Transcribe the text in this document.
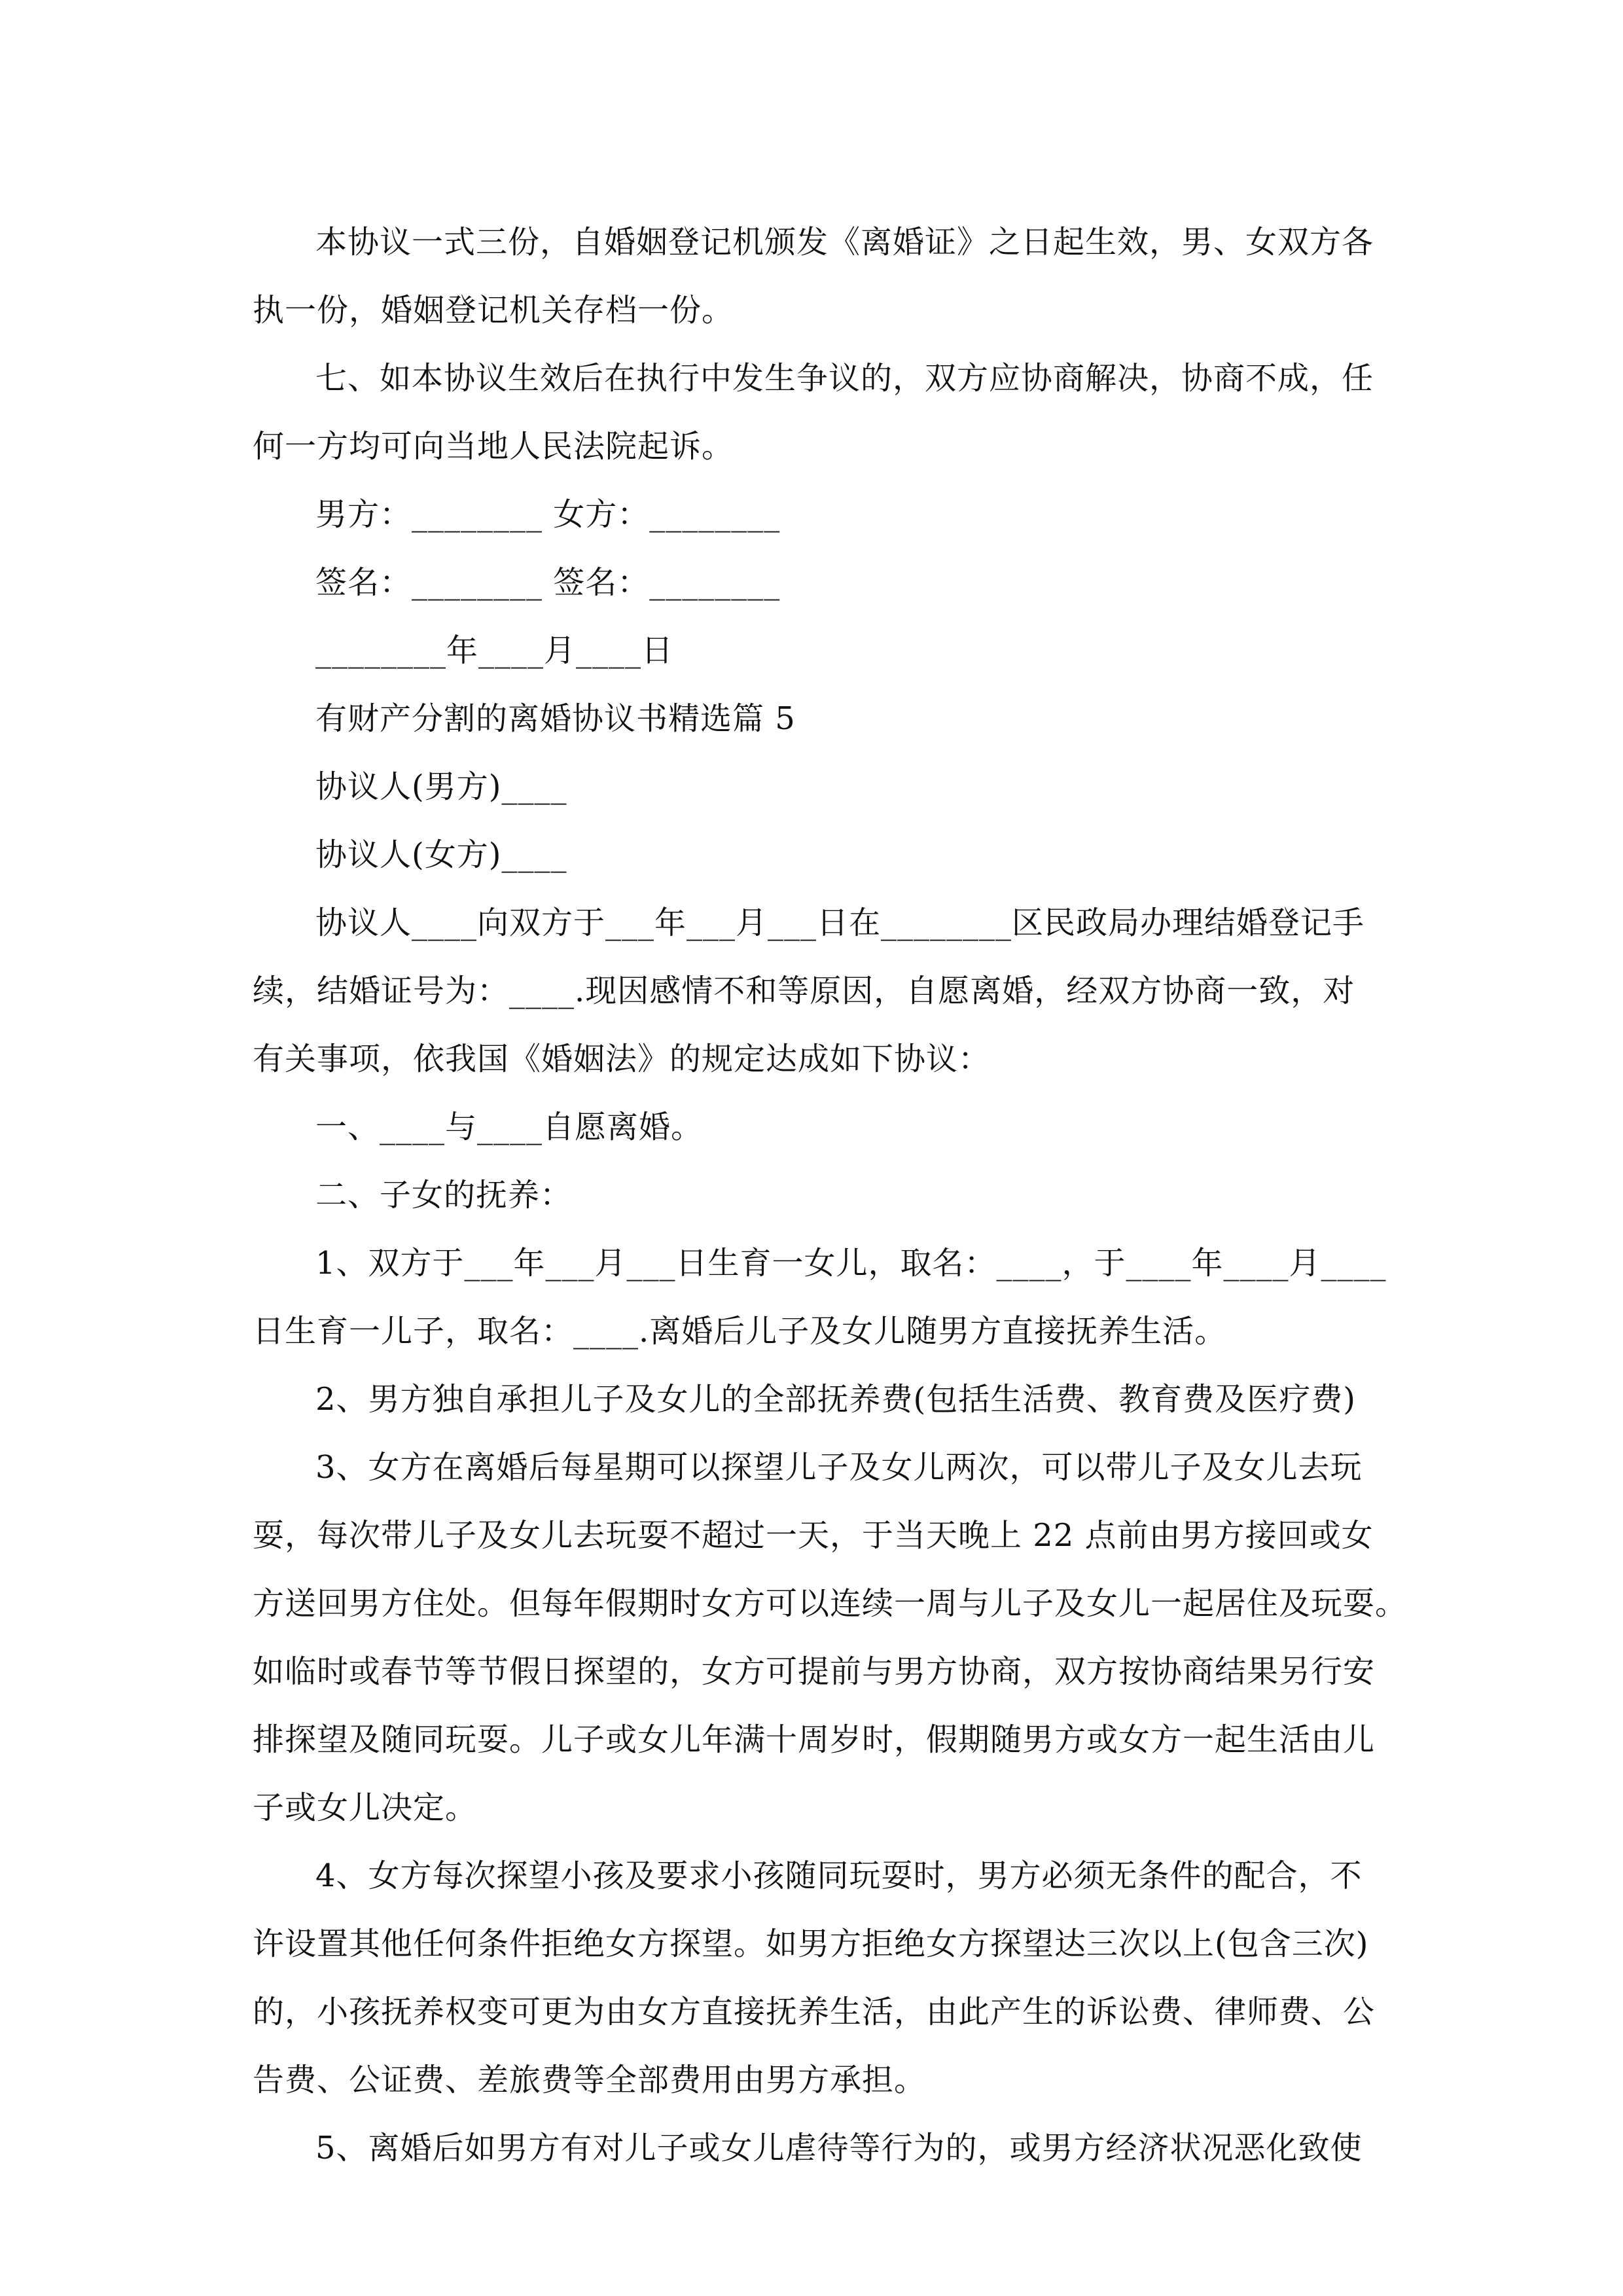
本协议一式三份，自婚姻登记机颁发《离婚证》之日起生效，男、女双方各
执一份，婚姻登记机关存档一份。
七、如本协议生效后在执行中发生争议的，双方应协商解决，协商不成，任
何一方均可向当地人民法院起诉。
男方：________ 女方：________
签名：________ 签名：________
________年____月____日
有财产分割的离婚协议书精选篇 5
协议人(男方)____
协议人(女方)____
协议人____向双方于___年___月___日在________区民政局办理结婚登记手
续，结婚证号为：____.现因感情不和等原因，自愿离婚，经双方协商一致，对
有关事项，依我国《婚姻法》的规定达成如下协议：
一、____与____自愿离婚。
二、子女的抚养：
1、双方于___年___月___日生育一女儿，取名：____，于____年____月____
日生育一儿子，取名：____.离婚后儿子及女儿随男方直接抚养生活。
2、男方独自承担儿子及女儿的全部抚养费(包括生活费、教育费及医疗费)
3、女方在离婚后每星期可以探望儿子及女儿两次，可以带儿子及女儿去玩
耍，每次带儿子及女儿去玩耍不超过一天，于当天晚上 22 点前由男方接回或女
方送回男方住处。但每年假期时女方可以连续一周与儿子及女儿一起居住及玩耍。
如临时或春节等节假日探望的，女方可提前与男方协商，双方按协商结果另行安
排探望及随同玩耍。儿子或女儿年满十周岁时，假期随男方或女方一起生活由儿
子或女儿决定。
4、女方每次探望小孩及要求小孩随同玩耍时，男方必须无条件的配合，不
许设置其他任何条件拒绝女方探望。如男方拒绝女方探望达三次以上(包含三次)
的，小孩抚养权变可更为由女方直接抚养生活，由此产生的诉讼费、律师费、公
告费、公证费、差旅费等全部费用由男方承担。
5、离婚后如男方有对儿子或女儿虐待等行为的，或男方经济状况恶化致使
